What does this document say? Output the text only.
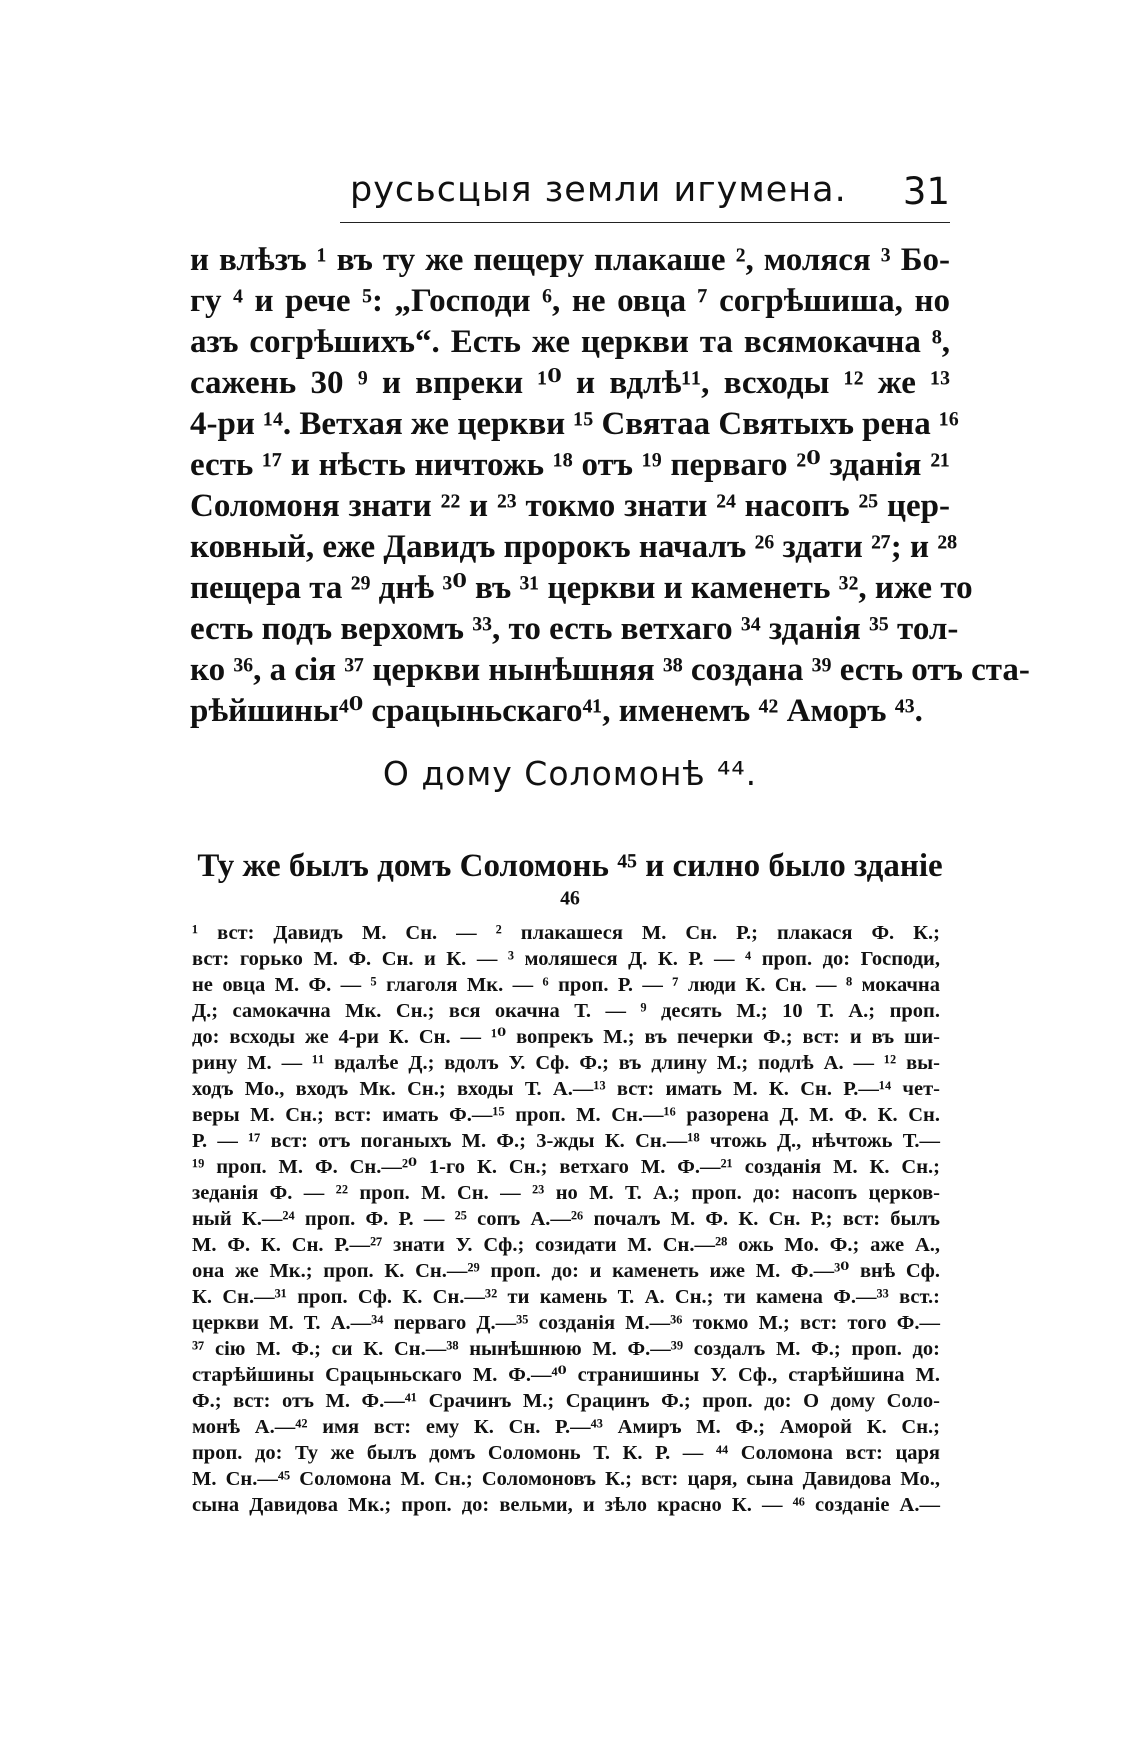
русьсцыя земли игумена. 31
и влѣзъ ¹ въ ту же пещеру плакаше ², моляся ³ Бо-
гу ⁴ и рече ⁵: „Господи ⁶, не овца ⁷ согрѣшиша, но
азъ согрѣшихъ“. Есть же церкви та всямокачна ⁸,
сажень 30 ⁹ и впреки ¹⁰ и вдлѣ¹¹, всходы ¹² же ¹³
4-ри ¹⁴. Ветхая же церкви ¹⁵ Святаа Святыхъ рена ¹⁶
есть ¹⁷ и нѣсть ничтожь ¹⁸ отъ ¹⁹ перваго ²⁰ зданія ²¹
Соломоня знати ²² и ²³ токмо знати ²⁴ насопъ ²⁵ цер-
ковный, еже Давидъ пророкъ началъ ²⁶ здати ²⁷; и ²⁸
пещера та ²⁹ днѣ ³⁰ въ ³¹ церкви и каменеть ³², иже то
есть подъ верхомъ ³³, то есть ветхаго ³⁴ зданія ³⁵ тол-
ко ³⁶, а сія ³⁷ церкви нынѣшняя ³⁸ создана ³⁹ есть отъ ста-
рѣйшины⁴⁰ срацыньскаго⁴¹, именемъ ⁴² Аморъ ⁴³.
О дому Соломонѣ ⁴⁴.
Ту же былъ домъ Соломонь ⁴⁵ и силно было зданіе ⁴⁶
¹ вст: Давидъ М. Сн. — ² плакашеся М. Сн. Р.; плакася Ф. К.;
вст: горько М. Ф. Сн. и К. — ³ моляшеся Д. К. Р. — ⁴ проп. до: Господи,
не овца М. Ф. — ⁵ глаголя Мк. — ⁶ проп. Р. — ⁷ люди К. Сн. — ⁸ мокачна
Д.; самокачна Мк. Сн.; вся окачна Т. — ⁹ десять М.; 10 Т. А.; проп.
до: всходы же 4-ри К. Сн. — ¹⁰ вопрекъ М.; въ печерки Ф.; вст: и въ ши-
рину М. — ¹¹ вдалѣе Д.; вдолъ У. Сф. Ф.; въ длину М.; подлѣ А. — ¹² вы-
ходъ Мо., входъ Мк. Сн.; входы Т. А.—¹³ вст: имать М. К. Сн. Р.—¹⁴ чет-
веры М. Сн.; вст: имать Ф.—¹⁵ проп. М. Сн.—¹⁶ разорена Д. М. Ф. К. Сн.
Р. — ¹⁷ вст: отъ поганыхъ М. Ф.; 3-жды К. Сн.—¹⁸ чтожь Д., нѣчтожь Т.—
¹⁹ проп. М. Ф. Сн.—²⁰ 1-го К. Сн.; ветхаго М. Ф.—²¹ созданія М. К. Сн.;
зеданія Ф. — ²² проп. М. Сн. — ²³ но М. Т. А.; проп. до: насопъ церков-
ный К.—²⁴ проп. Ф. Р. — ²⁵ сопъ А.—²⁶ почалъ М. Ф. К. Сн. Р.; вст: былъ
М. Ф. К. Сн. Р.—²⁷ знати У. Сф.; созидати М. Сн.—²⁸ ожь Мо. Ф.; аже А.,
она же Мк.; проп. К. Сн.—²⁹ проп. до: и каменеть иже М. Ф.—³⁰ внѣ Сф.
К. Сн.—³¹ проп. Сф. К. Сн.—³² ти камень Т. А. Сн.; ти камена Ф.—³³ вст.:
церкви М. Т. А.—³⁴ перваго Д.—³⁵ созданія М.—³⁶ токмо М.; вст: того Ф.—
³⁷ сію М. Ф.; си К. Сн.—³⁸ нынѣшнюю М. Ф.—³⁹ создалъ М. Ф.; проп. до:
старѣйшины Срацыньскаго М. Ф.—⁴⁰ странишины У. Сф., старѣйшина М.
Ф.; вст: отъ М. Ф.—⁴¹ Срачинъ М.; Срацинъ Ф.; проп. до: О дому Соло-
монѣ А.—⁴² имя вст: ему К. Сн. Р.—⁴³ Амиръ М. Ф.; Аморой К. Сн.;
проп. до: Ту же былъ домъ Соломонь Т. К. Р. — ⁴⁴ Соломона вст: царя
М. Сн.—⁴⁵ Соломона М. Сн.; Соломоновъ К.; вст: царя, сына Давидова Мо.,
сына Давидова Мк.; проп. до: вельми, и зѣло красно К. — ⁴⁶ созданіе А.—
